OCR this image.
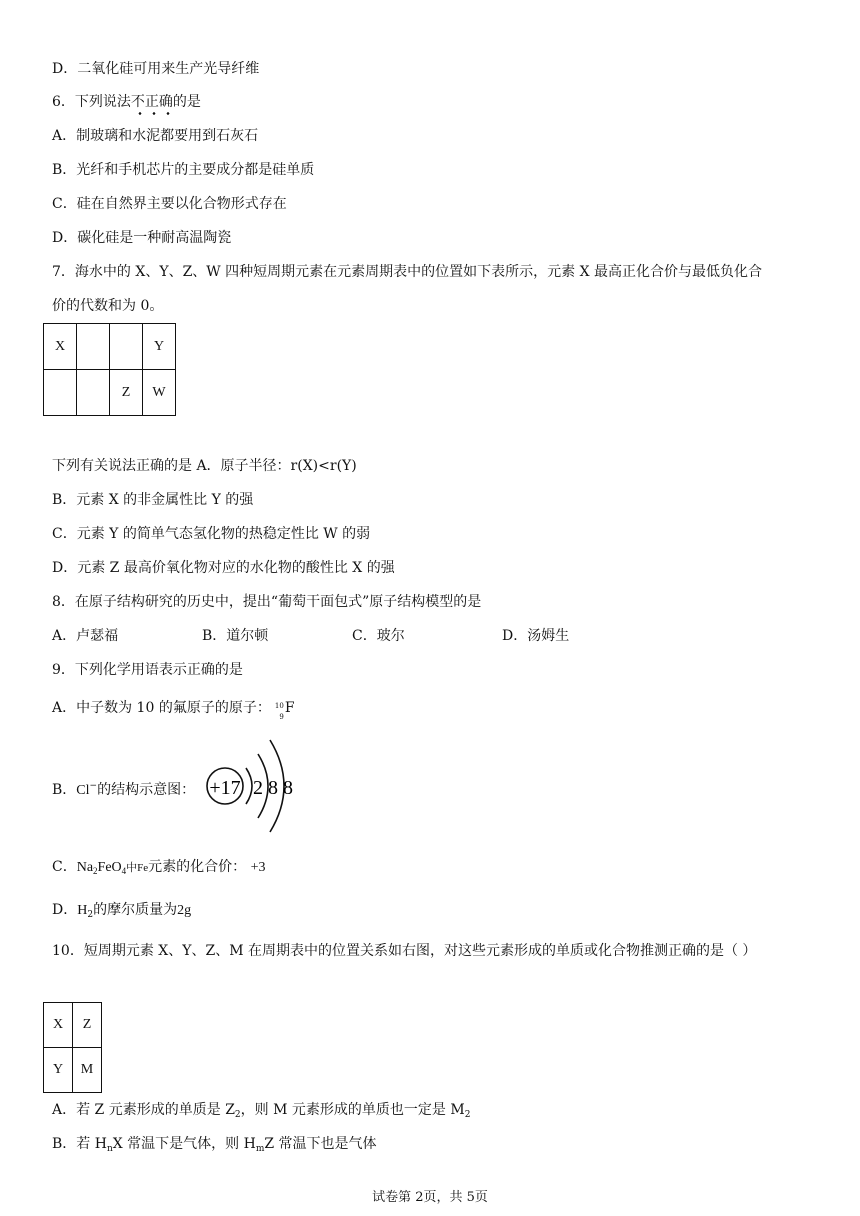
D．二氧化硅可用来生产光导纤维
6．下列说法不正确的是
A．制玻璃和水泥都要用到石灰石
B．光纤和手机芯片的主要成分都是硅单质
C．硅在自然界主要以化合物形式存在
D．碳化硅是一种耐高温陶瓷
7．海水中的 X、Y、Z、W 四种短周期元素在元素周期表中的位置如下表所示，元素 X 最高正化合价与最低负化合
价的代数和为 0。
X			Y
		Z	W
下列有关说法正确的是 A．原子半径：r(X)<r(Y)
B．元素 X 的非金属性比 Y 的强
C．元素 Y 的简单气态氢化物的热稳定性比 W 的弱
D．元素 Z 最高价氧化物对应的水化物的酸性比 X 的强
8．在原子结构研究的历史中，提出“葡萄干面包式”原子结构模型的是
A．卢瑟福	B．道尔顿	C．玻尔	D．汤姆生
9．下列化学用语表示正确的是
A．中子数为 10 的氟原子的原子： 10
9
F
B．Cl−的结构示意图： +17 2 8 8
C．$Na_2FeO_4$中Fe元素的化合价： +3
D．$H_2$的摩尔质量为2g
10．短周期元素 X、Y、Z、M 在周期表中的位置关系如右图，对这些元素形成的单质或化合物推测正确的是（ ）
X	Z
Y	M
A．若 Z 元素形成的单质是 $Z_2$，则 M 元素形成的单质也一定是 $M_2$
B．若 $H_nX$ 常温下是气体，则 $H_mZ$ 常温下也是气体
试卷第 2页，共 5页
